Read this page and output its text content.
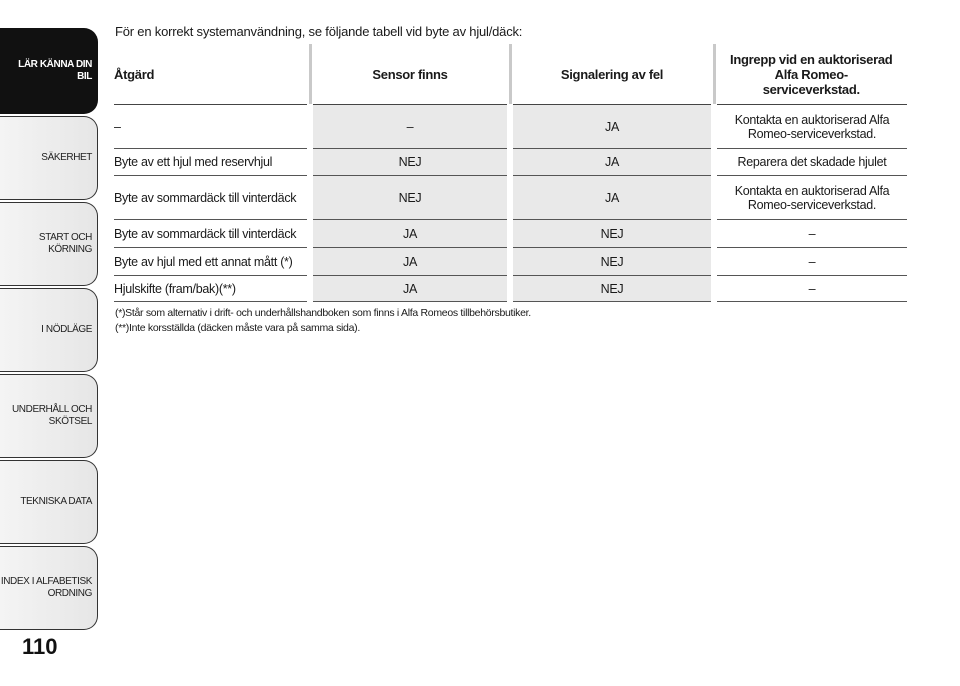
LÄR KÄNNA DIN
BIL
SÄKERHET
START OCH
KÖRNING
I NÖDLÄGE
UNDERHÅLL OCH
SKÖTSEL
TEKNISKA DATA
INDEX I ALFABETISK
ORDNING
110
För en korrekt systemanvändning, se följande tabell vid byte av hjul/däck:
Åtgärd	Sensor finns	Signalering av fel	Ingrepp vid en auktoriserad
Alfa Romeo-
serviceverkstad.
–	–	JA	Kontakta en auktoriserad Alfa Romeo-serviceverkstad.
Byte av ett hjul med reservhjul	NEJ	JA	Reparera det skadade hjulet
Byte av sommardäck till vinterdäck	NEJ	JA	Kontakta en auktoriserad Alfa Romeo-serviceverkstad.
Byte av sommardäck till vinterdäck	JA	NEJ	–
Byte av hjul med ett annat mått (*)	JA	NEJ	–
Hjulskifte (fram/bak)(**)	JA	NEJ	–
(*)Står som alternativ i drift- och underhållshandboken som finns i Alfa Romeos tillbehörsbutiker.
(**)Inte korsställda (däcken måste vara på samma sida).
